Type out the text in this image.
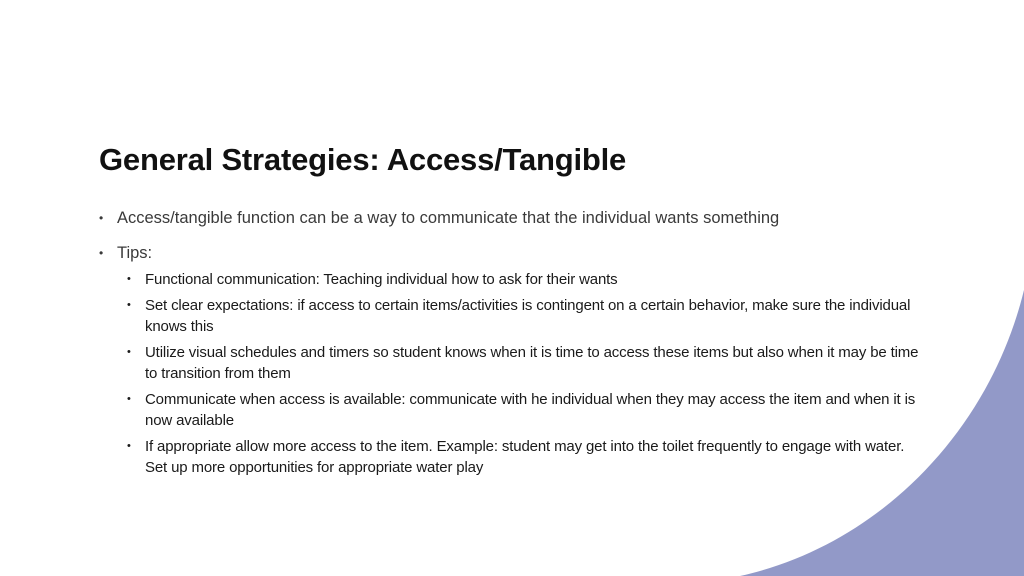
General Strategies: Access/Tangible
• Access/tangible function can be a way to communicate that the individual wants something
• Tips:
• Functional communication: Teaching individual how to ask for their wants
• Set clear expectations: if access to certain items/activities is contingent on a certain behavior, make sure the individual knows this
• Utilize visual schedules and timers so student knows when it is time to access these items but also when it may be time to transition from them
• Communicate when access is available: communicate with he individual when they may access the item and when it is now available
• If appropriate allow more access to the item. Example: student may get into the toilet frequently to engage with water. Set up more opportunities for appropriate water play
